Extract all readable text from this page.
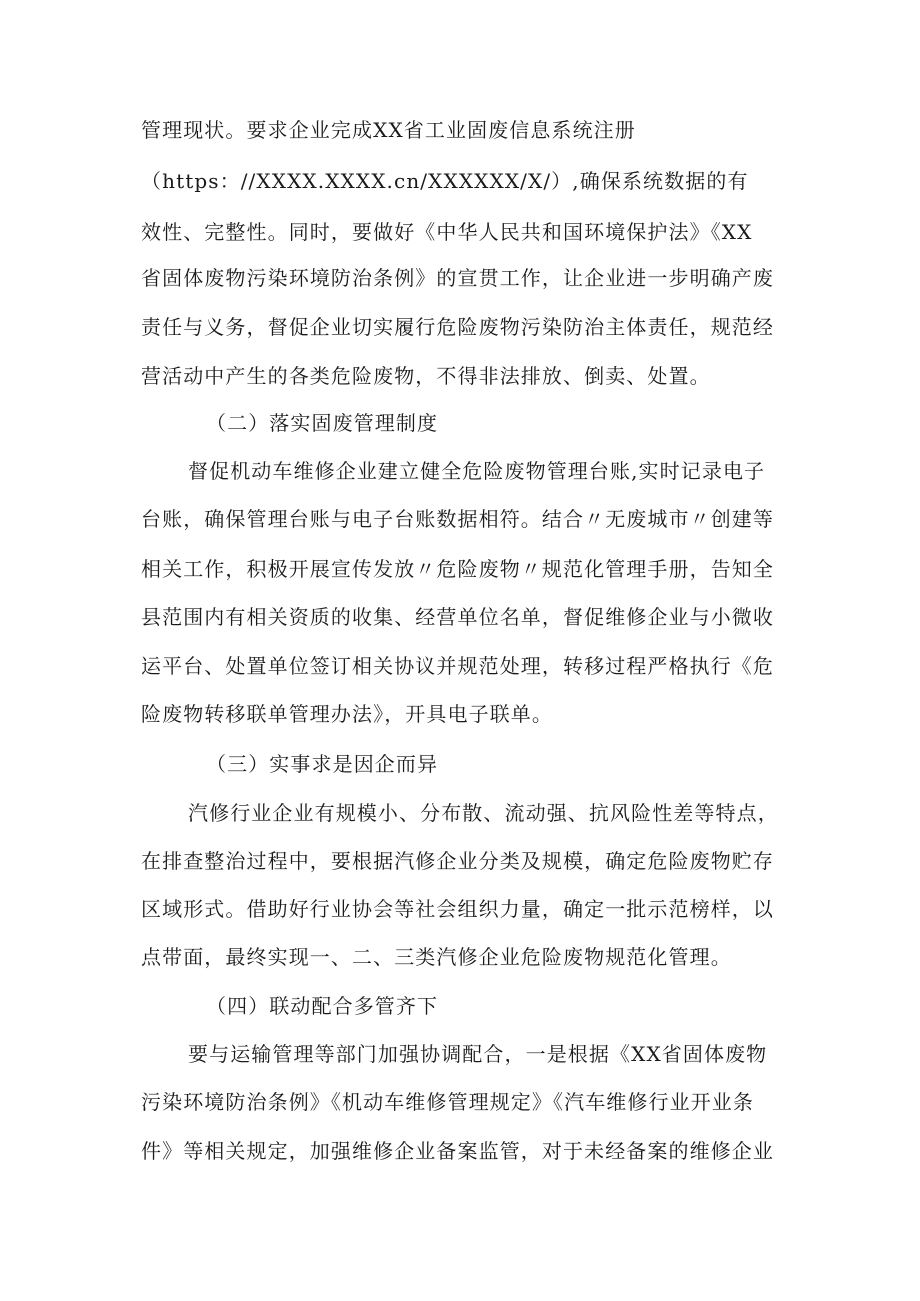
管理现状。要求企业完成XX省工业固废信息系统注册
（https：//XXXX.XXXX.cn/XXXXXX/X/）,确保系统数据的有
效性、完整性。同时，要做好《中华人民共和国环境保护法》《XX
省固体废物污染环境防治条例》的宣贯工作，让企业进一步明确产废
责任与义务，督促企业切实履行危险废物污染防治主体责任，规范经
营活动中产生的各类危险废物，不得非法排放、倒卖、处置。
（二）落实固废管理制度
督促机动车维修企业建立健全危险废物管理台账,实时记录电子
台账，确保管理台账与电子台账数据相符。结合〃无废城市〃创建等
相关工作，积极开展宣传发放〃危险废物〃规范化管理手册，告知全
县范围内有相关资质的收集、经营单位名单，督促维修企业与小微收
运平台、处置单位签订相关协议并规范处理，转移过程严格执行《危
险废物转移联单管理办法》，开具电子联单。
（三）实事求是因企而异
汽修行业企业有规模小、分布散、流动强、抗风险性差等特点，
在排查整治过程中，要根据汽修企业分类及规模，确定危险废物贮存
区域形式。借助好行业协会等社会组织力量，确定一批示范榜样，以
点带面，最终实现一、二、三类汽修企业危险废物规范化管理。
（四）联动配合多管齐下
要与运输管理等部门加强协调配合，一是根据《XX省固体废物
污染环境防治条例》《机动车维修管理规定》《汽车维修行业开业条
件》等相关规定，加强维修企业备案监管，对于未经备案的维修企业
